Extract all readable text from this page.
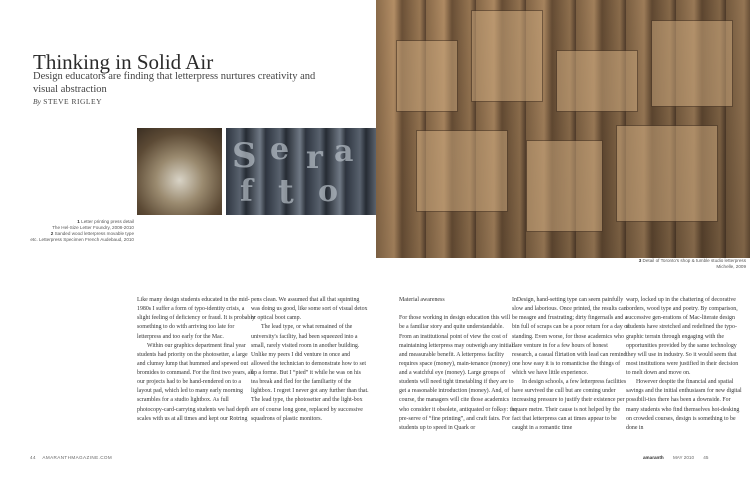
Thinking in Solid Air
Design educators are finding that letterpress nurtures creativity and visual abstraction
By STEVE RIGLEY
S e r a
f t o
1 Letter printing press detail
The Hel-Size Letter Foundry, 2008-2010
2 Sanded wood letterpress movable type
etc. Letterpress Specimen French Audebaud, 2010
3 Detail of Toronto's shop & tumble studio letterpress
Michelle, 2009

Like many design students educated in the mid-1980s I suffer a form of typo-identity crisis, a slight feeling of deficiency or fraud. It is probably something to do with arriving too late for letterpress and too early for the Mac.

Within our graphics department final year students had priority on the photosetter, a large and clumsy lump that hummed and spewed out bromides to command. For the first two years, all our projects had to be hand-rendered on to a layout pad, which led to many early morning scrambles for a studio lightbox. As full photocopy-card-carrying students we had depth scales with us at all times and kept our Rotring

pens clean. We assumed that all that squinting was doing us good, like some sort of visual detox or optical boot camp.

The lead type, or what remained of the university's facility, had been squeezed into a small, rarely visited room in another building. Unlike my peers I did venture in once and allowed the technician to demonstrate how to set up a forme. But I “pied” it while he was on his tea break and fled for the familiarity of the lightbox. I regret I never got any further than that. The lead type, the photosetter and the light-box are of course long gone, replaced by successive squadrons of plastic monitors.

Material awareness

For those working in design education this will be a familiar story and quite understandable. From an institutional point of view the cost of maintaining letterpress may outweigh any initial and measurable benefit. A letterpress facility requires space (money), main-tenance (money) and a watchful eye (money). Large groups of students will need tight timetabling if they are to get a reasonable introduction (money). And, of course, the managers will cite those academics who consider it obsolete, antiquated or folksy: the pre-serve of “fine printing”, and craft fairs. For students up to speed in Quark or

InDesign, hand-setting type can seem painfully slow and laborious. Once printed, the results can be meagre and frustrating; dirty fingernails and a bin full of scraps can be a poor return for a day of standing. Even worse, for those academics who dare venture in for a few hours of honest research, a casual flirtation with lead can remind one how easy it is to romanticise the things of which we have little experience.

In design schools, a few letterpress facilities have survived the cull but are coming under increasing pressure to justify their existence per square metre. Their cause is not helped by the fact that letterpress can at times appear to be caught in a romantic time

warp, locked up in the chattering of decorative borders, wood type and poetry. By comparison, successive gen-erations of Mac-literate design students have stretched and redefined the typo-graphic terrain through engaging with the opportunities provided by the same technology they will use in industry. So it would seem that most institutions were justified in their decision to melt down and move on.

However despite the financial and spatial savings and the initial enthusiasm for new digital possibili-ties there has been a downside. For many students who find themselves hot-desking on crowded courses, design is something to be done in

44 AMARANTHMAGAZINE.COM	amaranth MAY 2010 45
